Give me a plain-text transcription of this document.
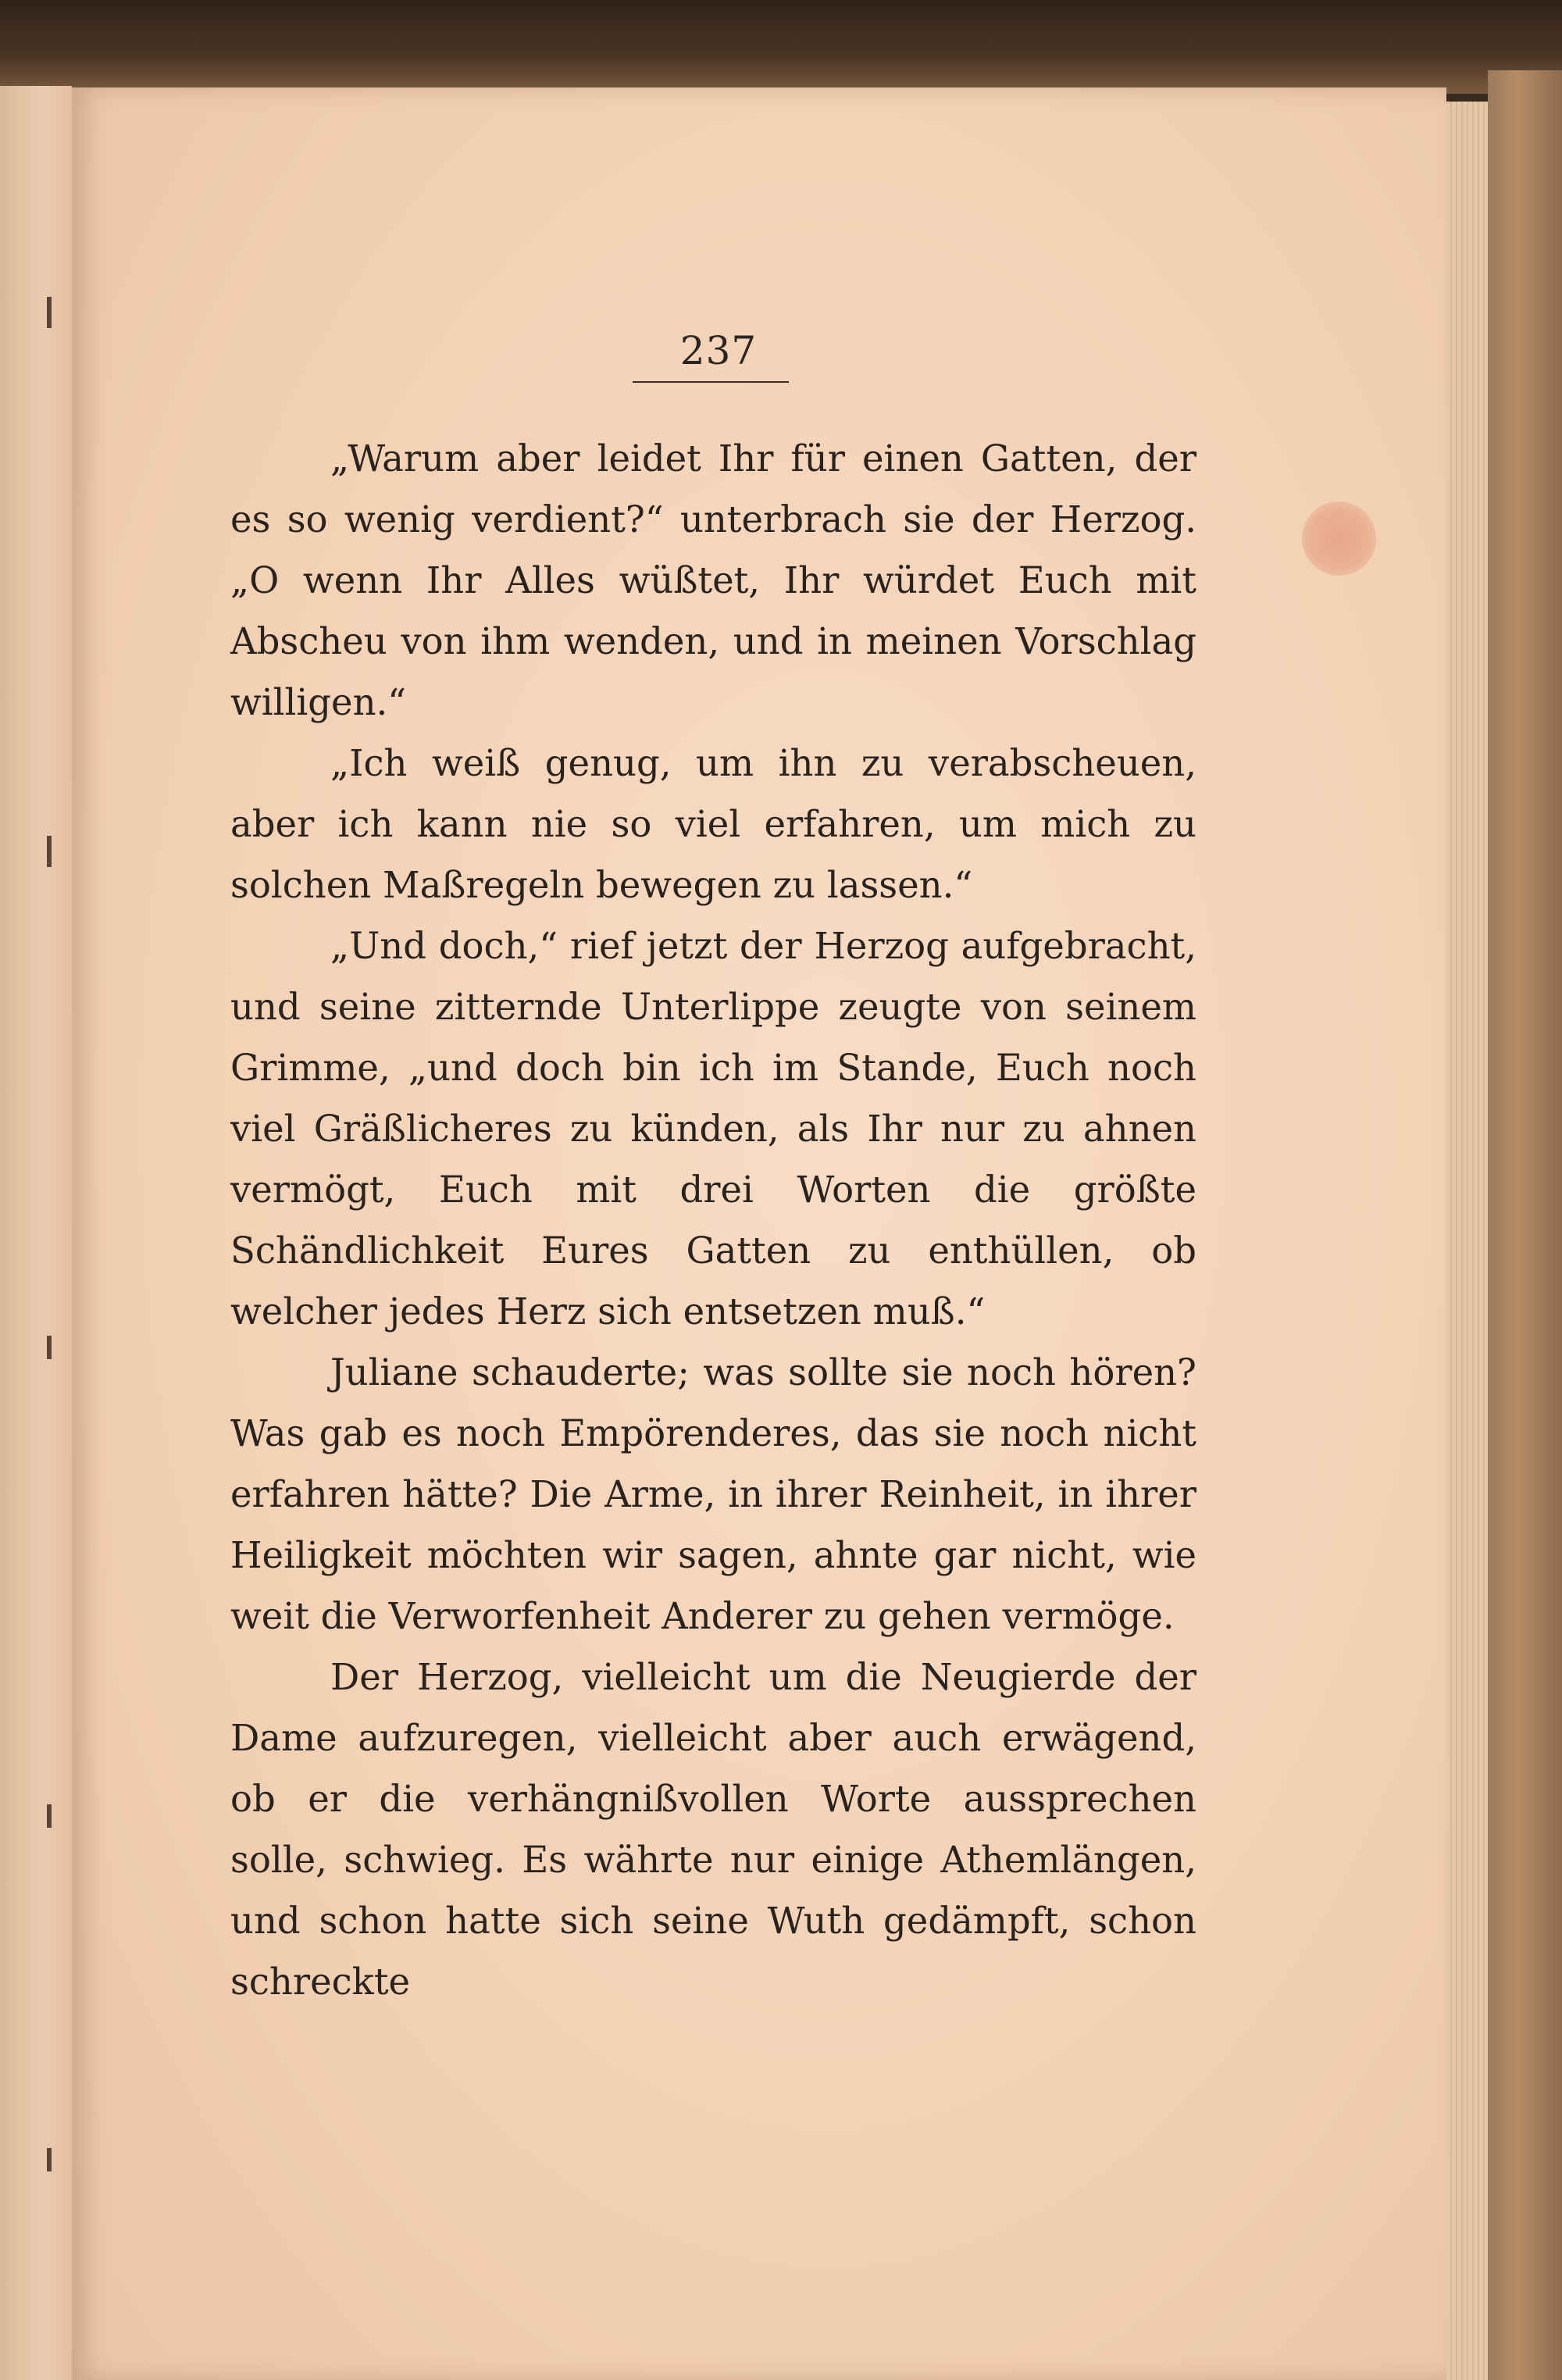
237

„Warum aber leidet Ihr für einen Gatten, der es so wenig verdient?“ unterbrach sie der Herzog. „O wenn Ihr Alles wüßtet, Ihr würdet Euch mit Abscheu von ihm wenden, und in meinen Vorschlag willigen.“

„Ich weiß genug, um ihn zu verabscheuen, aber ich kann nie so viel erfahren, um mich zu solchen Maßregeln bewegen zu lassen.“

„Und doch,“ rief jetzt der Herzog aufgebracht, und seine zitternde Unterlippe zeugte von seinem Grimme, „und doch bin ich im Stande, Euch noch viel Gräßlicheres zu künden, als Ihr nur zu ahnen vermögt, Euch mit drei Worten die größte Schändlichkeit Eures Gatten zu enthüllen, ob welcher jedes Herz sich entsetzen muß.“

Juliane schauderte; was sollte sie noch hören? Was gab es noch Empörenderes, das sie noch nicht erfahren hätte? Die Arme, in ihrer Reinheit, in ihrer Heiligkeit möchten wir sagen, ahnte gar nicht, wie weit die Verworfenheit Anderer zu gehen vermöge.

Der Herzog, vielleicht um die Neugierde der Dame aufzuregen, vielleicht aber auch erwägend, ob er die verhängnißvollen Worte aussprechen solle, schwieg. Es währte nur einige Athemlängen, und schon hatte sich seine Wuth gedämpft, schon schreckte
